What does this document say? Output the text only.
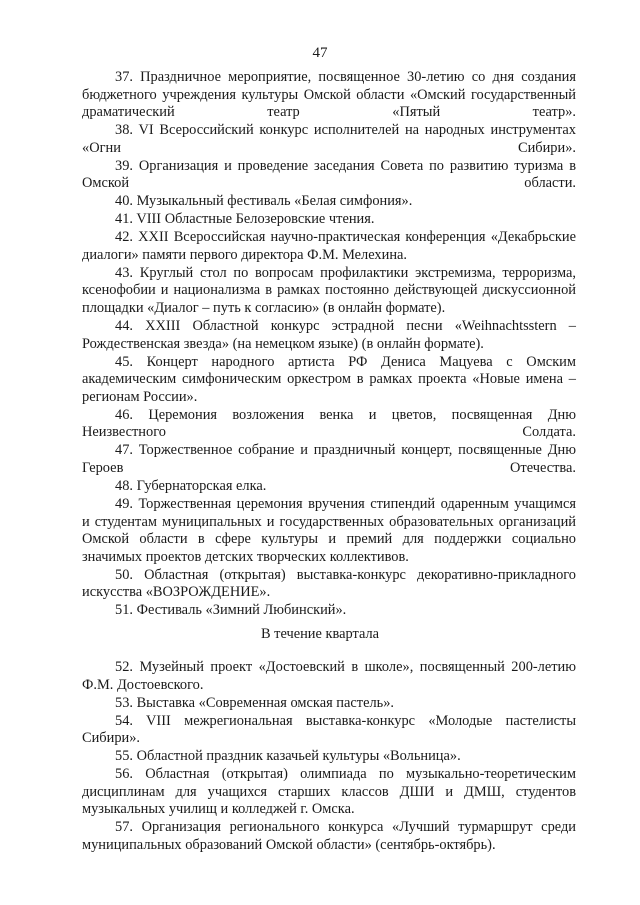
47

37. Праздничное мероприятие, посвященное 30-летию со дня создания бюджетного учреждения культуры Омской области «Омский государственный драматический театр «Пятый театр».

38. VI Всероссийский конкурс исполнителей на народных инструментах «Огни Сибири».

39. Организация и проведение заседания Совета по развитию туризма в Омской области.

40. Музыкальный фестиваль «Белая симфония».

41. VIII Областные Белозеровские чтения.

42. XXII Всероссийская научно-практическая конференция «Декабрьские диалоги» памяти первого директора Ф.М. Мелехина.

43. Круглый стол по вопросам профилактики экстремизма, терроризма, ксенофобии и национализма в рамках постоянно действующей дискуссионной площадки «Диалог – путь к согласию» (в онлайн формате).

44. XXIII Областной конкурс эстрадной песни «Weihnachtsstern – Рождественская звезда» (на немецком языке) (в онлайн формате).

45. Концерт народного артиста РФ Дениса Мацуева с Омским академическим симфоническим оркестром в рамках проекта «Новые имена – регионам России».

46. Церемония возложения венка и цветов, посвященная Дню Неизвестного Солдата.

47. Торжественное собрание и праздничный концерт, посвященные Дню Героев Отечества.

48. Губернаторская елка.

49. Торжественная церемония вручения стипендий одаренным учащимся и студентам муниципальных и государственных образовательных организаций Омской области в сфере культуры и премий для поддержки социально значимых проектов детских творческих коллективов.

50. Областная (открытая) выставка-конкурс декоративно-прикладного искусства «ВОЗРОЖДЕНИЕ».

51. Фестиваль «Зимний Любинский».

В течение квартала

52. Музейный проект «Достоевский в школе», посвященный 200-летию Ф.М. Достоевского.

53. Выставка «Современная омская пастель».

54. VIII межрегиональная выставка-конкурс «Молодые пастелисты Сибири».

55. Областной праздник казачьей культуры «Вольница».

56. Областная (открытая) олимпиада по музыкально-теоретическим дисциплинам для учащихся старших классов ДШИ и ДМШ, студентов музыкальных училищ и колледжей г. Омска.

57. Организация регионального конкурса «Лучший турмаршрут среди муниципальных образований Омской области» (сентябрь-октябрь).
